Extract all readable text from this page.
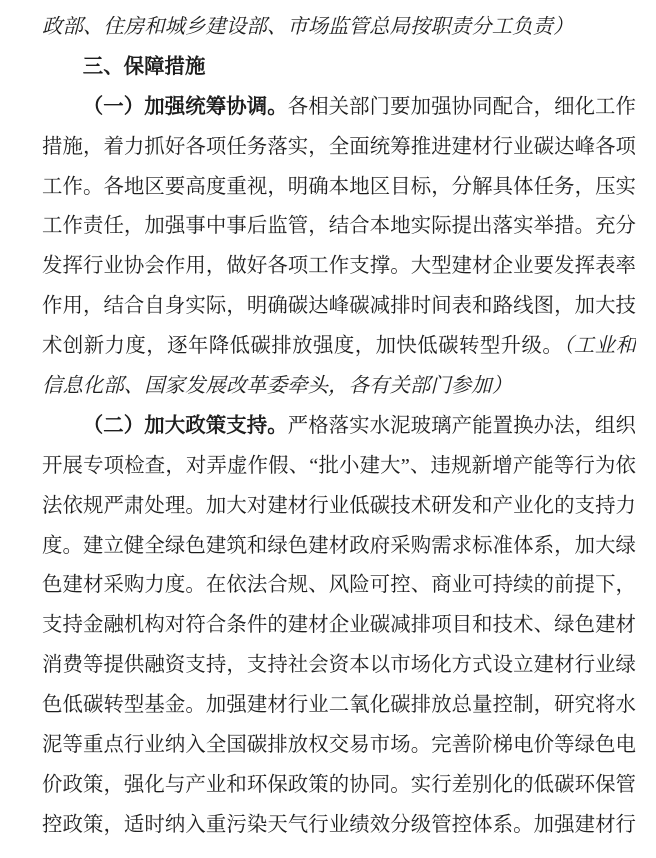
政部、住房和城乡建设部、市场监管总局按职责分工负责）
三、保障措施
（一）加强统筹协调。各相关部门要加强协同配合，细化工作
措施，着力抓好各项任务落实，全面统筹推进建材行业碳达峰各项
工作。各地区要高度重视，明确本地区目标，分解具体任务，压实
工作责任，加强事中事后监管，结合本地实际提出落实举措。充分
发挥行业协会作用，做好各项工作支撑。大型建材企业要发挥表率
作用，结合自身实际，明确碳达峰碳减排时间表和路线图，加大技
术创新力度，逐年降低碳排放强度，加快低碳转型升级。（工业和
信息化部、国家发展改革委牵头，各有关部门参加）
（二）加大政策支持。严格落实水泥玻璃产能置换办法，组织
开展专项检查，对弄虚作假、“批小建大”、违规新增产能等行为依
法依规严肃处理。加大对建材行业低碳技术研发和产业化的支持力
度。建立健全绿色建筑和绿色建材政府采购需求标准体系，加大绿
色建材采购力度。在依法合规、风险可控、商业可持续的前提下，
支持金融机构对符合条件的建材企业碳减排项目和技术、绿色建材
消费等提供融资支持，支持社会资本以市场化方式设立建材行业绿
色低碳转型基金。加强建材行业二氧化碳排放总量控制，研究将水
泥等重点行业纳入全国碳排放权交易市场。完善阶梯电价等绿色电
价政策，强化与产业和环保政策的协同。实行差别化的低碳环保管
控政策，适时纳入重污染天气行业绩效分级管控体系。加强建材行
